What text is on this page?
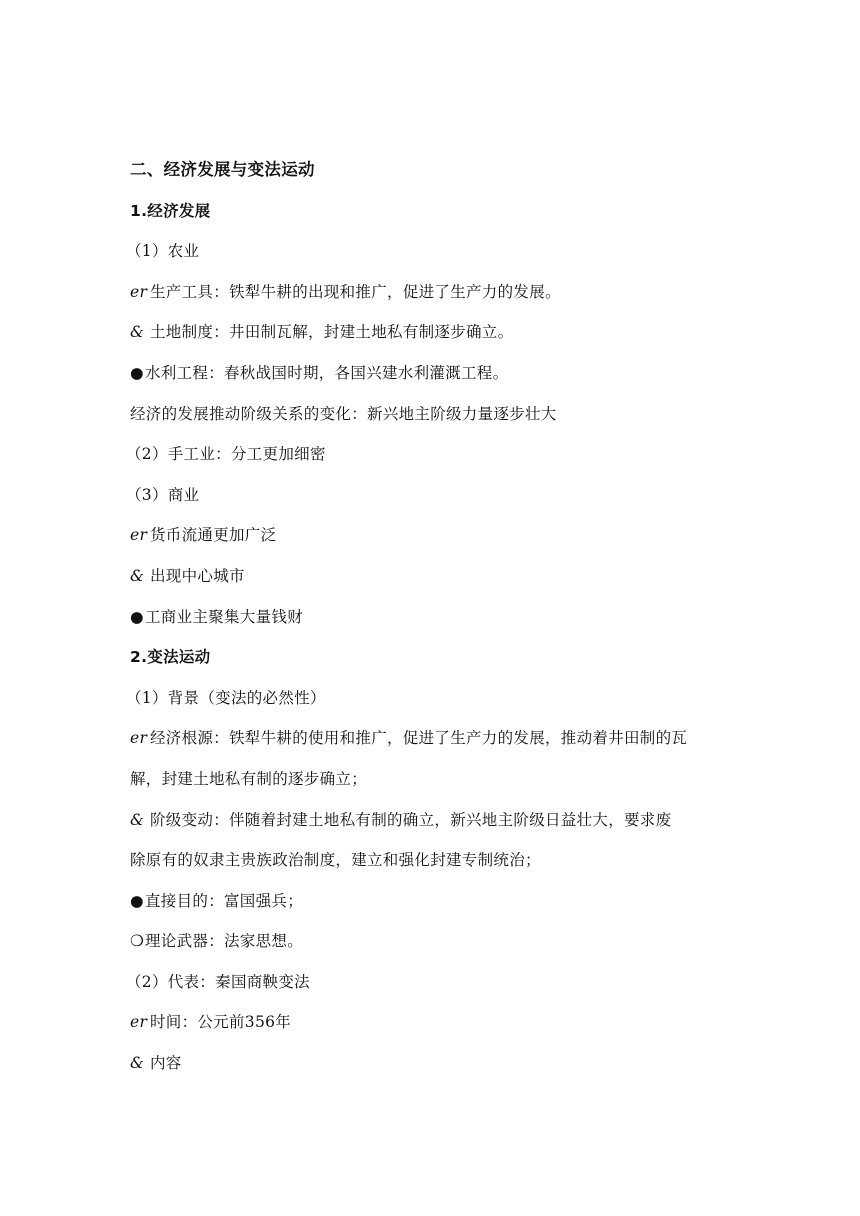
二、经济发展与变法运动
1.经济发展
（1）农业
er 生产工具：铁犁牛耕的出现和推广，促进了生产力的发展。
& 土地制度：井田制瓦解，封建土地私有制逐步确立。
●水利工程：春秋战国时期，各国兴建水利灌溉工程。
经济的发展推动阶级关系的变化：新兴地主阶级力量逐步壮大
（2）手工业：分工更加细密
（3）商业
er 货币流通更加广泛
& 出现中心城市
●工商业主聚集大量钱财
2.变法运动
（1）背景（变法的必然性）
er 经济根源：铁犁牛耕的使用和推广，促进了生产力的发展，推动着井田制的瓦
解，封建土地私有制的逐步确立；
& 阶级变动：伴随着封建土地私有制的确立，新兴地主阶级日益壮大，要求废
除原有的奴隶主贵族政治制度，建立和强化封建专制统治；
●直接目的：富国强兵；
❍理论武器：法家思想。
（2）代表：秦国商鞅变法
er 时间：公元前356年
& 内容
